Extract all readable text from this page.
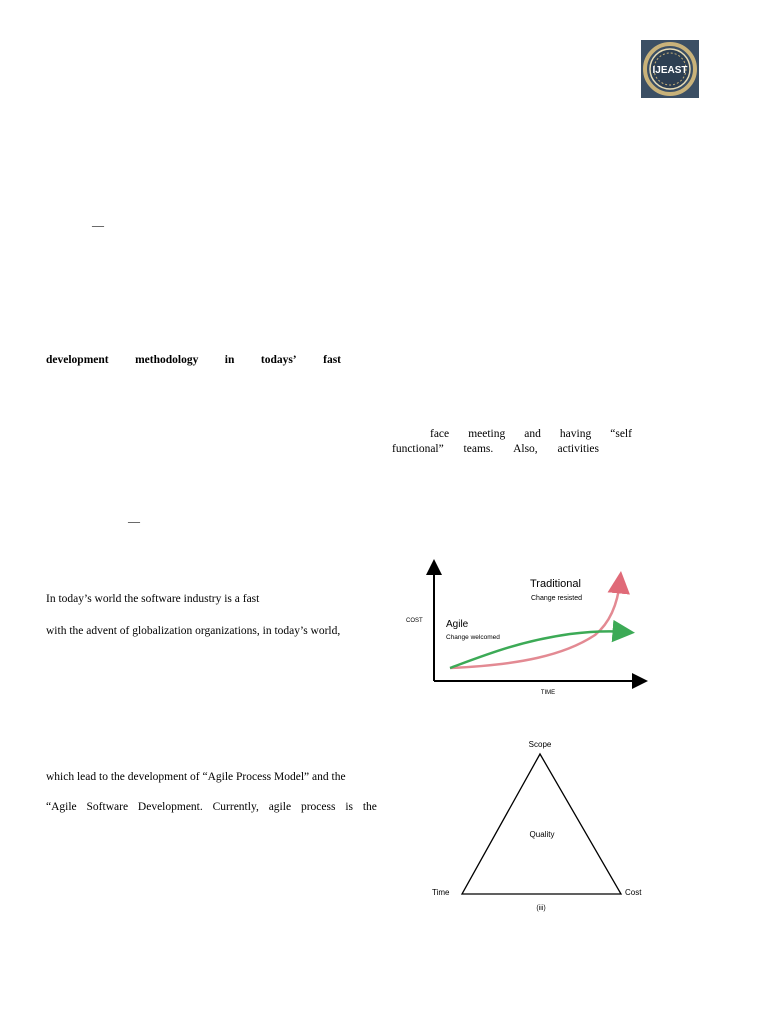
IJEAST
—
—
development methodology in todays’ fast
face meeting and having “self
functional” teams. Also, activities
In today’s world the software industry is a fast
with the advent of globalization organizations, in today’s world,
which lead to the development of “Agile Process Model” and the
“Agile Software Development. Currently, agile process is the
COST
TIME
Traditional
Change resisted
Agile
Change welcomed
Scope
Quality
Time	Cost
(iii)
